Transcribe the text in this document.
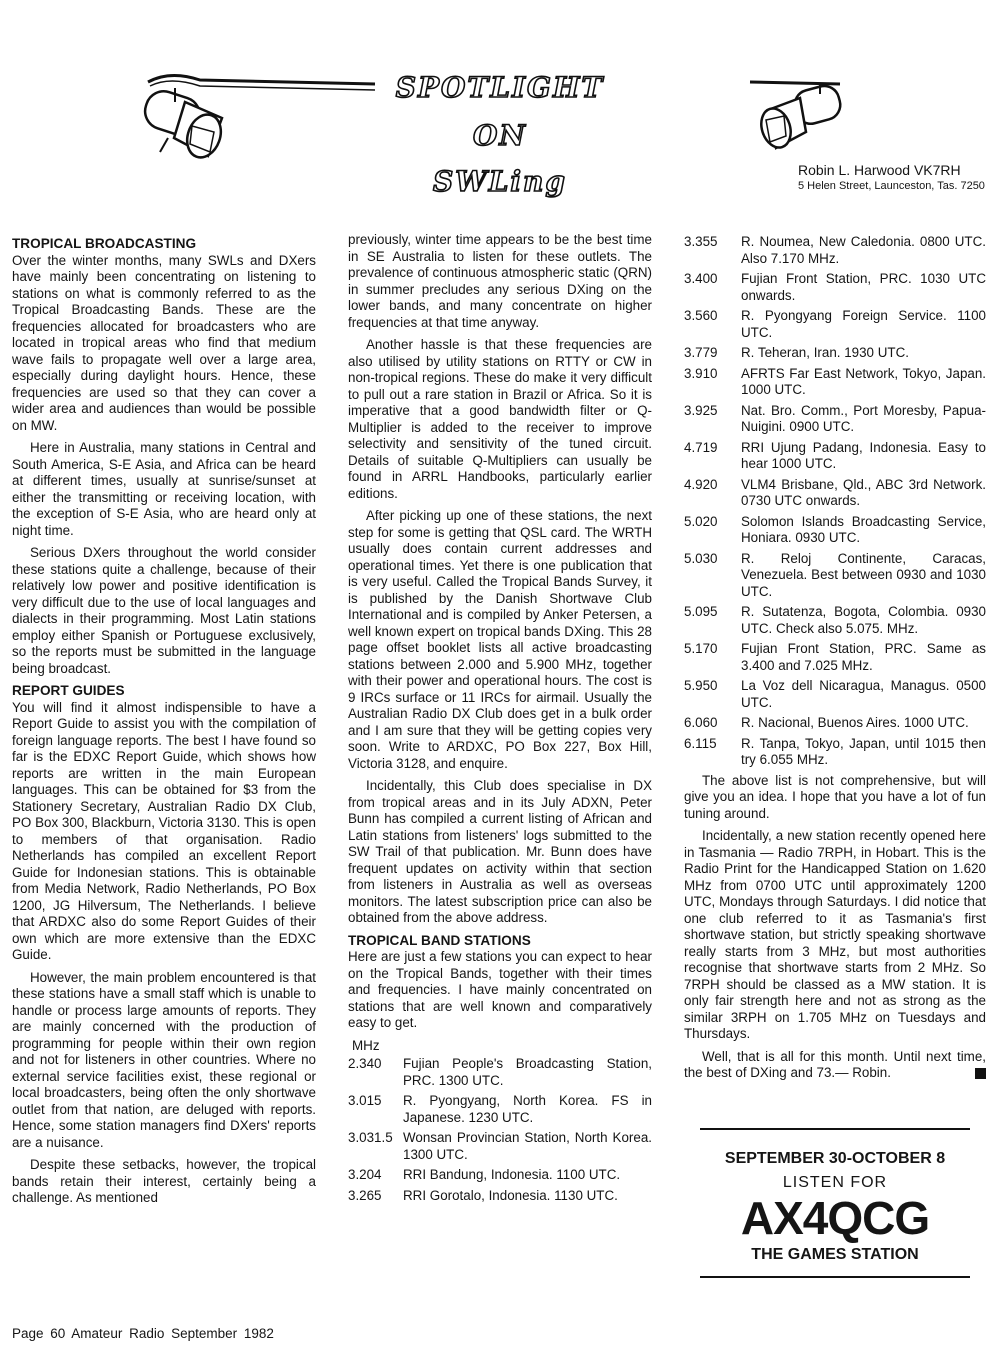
SPOTLIGHT
ON
SWLing	Robin L. Harwood VK7RH
5 Helen Street, Launceston, Tas. 7250
TROPICAL BROADCASTING

Over the winter months, many SWLs and DXers have mainly been concentrating on listening to stations on what is commonly referred to as the Tropical Broadcasting Bands. These are the frequencies allocated for broadcasters who are located in tropical areas who find that medium wave fails to propagate well over a large area, especially during daylight hours. Hence, these frequencies are used so that they can cover a wider area and audiences than would be possible on MW.

Here in Australia, many stations in Central and South America, S-E Asia, and Africa can be heard at different times, usually at sunrise/sunset at either the transmitting or receiving location, with the exception of S-E Asia, who are heard only at night time.

Serious DXers throughout the world consider these stations quite a challenge, because of their relatively low power and positive identification is very difficult due to the use of local languages and dialects in their programming. Most Latin stations employ either Spanish or Portuguese exclusively, so the reports must be submitted in the language being broadcast.

REPORT GUIDES

You will find it almost indispensible to have a Report Guide to assist you with the compilation of foreign language reports. The best I have found so far is the EDXC Report Guide, which shows how reports are written in the main European languages. This can be obtained for $3 from the Stationery Secretary, Australian Radio DX Club, PO Box 300, Blackburn, Victoria 3130. This is open to members of that organisation. Radio Netherlands has compiled an excellent Report Guide for Indonesian stations. This is obtainable from Media Network, Radio Netherlands, PO Box 1200, JG Hilversum, The Netherlands. I believe that ARDXC also do some Report Guides of their own which are more extensive than the EDXC Guide.

However, the main problem encountered is that these stations have a small staff which is unable to handle or process large amounts of reports. They are mainly concerned with the production of programming for people within their own region and not for listeners in other countries. Where no external service facilities exist, these regional or local broadcasters, being often the only shortwave outlet from that nation, are deluged with reports. Hence, some station managers find DXers' reports are a nuisance.

Despite these setbacks, however, the tropical bands retain their interest, certainly being a challenge. As mentioned

previously, winter time appears to be the best time in SE Australia to listen for these outlets. The prevalence of continuous atmospheric static (QRN) in summer precludes any serious DXing on the lower bands, and many concentrate on higher frequencies at that time anyway.

Another hassle is that these frequencies are also utilised by utility stations on RTTY or CW in non-tropical regions. These do make it very difficult to pull out a rare station in Brazil or Africa. So it is imperative that a good bandwidth filter or Q-Multiplier is added to the receiver to improve selectivity and sensitivity of the tuned circuit. Details of suitable Q-Multipliers can usually be found in ARRL Handbooks, particularly earlier editions.

After picking up one of these stations, the next step for some is getting that QSL card. The WRTH usually does contain current addresses and operational times. Yet there is one publication that is very useful. Called the Tropical Bands Survey, it is published by the Danish Shortwave Club International and is compiled by Anker Petersen, a well known expert on tropical bands DXing. This 28 page offset booklet lists all active broadcasting stations between 2.000 and 5.900 MHz, together with their power and operational hours. The cost is 9 IRCs surface or 11 IRCs for airmail. Usually the Australian Radio DX Club does get in a bulk order and I am sure that they will be getting copies very soon. Write to ARDXC, PO Box 227, Box Hill, Victoria 3128, and enquire.

Incidentally, this Club does specialise in DX from tropical areas and in its July ADXN, Peter Bunn has compiled a current listing of African and Latin stations from listeners' logs submitted to the SW Trail of that publication. Mr. Bunn does have frequent updates on activity within that section from listeners in Australia as well as overseas monitors. The latest subscription price can also be obtained from the above address.

TROPICAL BAND STATIONS

Here are just a few stations you can expect to hear on the Tropical Bands, together with their times and frequencies. I have mainly concentrated on stations that are well known and comparatively easy to get.

MHz
2.340	Fujian People's Broadcasting Station, PRC. 1300 UTC.
3.015	R. Pyongyang, North Korea. FS in Japanese. 1230 UTC.
3.031.5 Wonsan Provincian Station, North Korea. 1300 UTC.
3.204	RRI Bandung, Indonesia. 1100 UTC.
3.265	RRI Gorotalo, Indonesia. 1130 UTC.
3.355	R. Noumea, New Caledonia. 0800 UTC. Also 7.170 MHz.
3.400	Fujian Front Station, PRC. 1030 UTC onwards.
3.560	R. Pyongyang Foreign Service. 1100 UTC.
3.779	R. Teheran, Iran. 1930 UTC.
3.910	AFRTS Far East Network, Tokyo, Japan. 1000 UTC.
3.925	Nat. Bro. Comm., Port Moresby, Papua-Nuigini. 0900 UTC.
4.719	RRI Ujung Padang, Indonesia. Easy to hear 1000 UTC.
4.920	VLM4 Brisbane, Qld., ABC 3rd Network. 0730 UTC onwards.
5.020	Solomon Islands Broadcasting Service, Honiara. 0930 UTC.
5.030	R. Reloj Continente, Caracas, Venezuela. Best between 0930 and 1030 UTC.
5.095	R. Sutatenza, Bogota, Colombia. 0930 UTC. Check also 5.075. MHz.
5.170	Fujian Front Station, PRC. Same as 3.400 and 7.025 MHz.
5.950	La Voz dell Nicaragua, Managus. 0500 UTC.
6.060	R. Nacional, Buenos Aires. 1000 UTC.
6.115	R. Tanpa, Tokyo, Japan, until 1015 then try 6.055 MHz.

The above list is not comprehensive, but will give you an idea. I hope that you have a lot of fun tuning around.

Incidentally, a new station recently opened here in Tasmania — Radio 7RPH, in Hobart. This is the Radio Print for the Handicapped Station on 1.620 MHz from 0700 UTC until approximately 1200 UTC, Mondays through Saturdays. I did notice that one club referred to it as Tasmania's first shortwave station, but strictly speaking shortwave really starts from 3 MHz, but most authorities recognise that shortwave starts from 2 MHz. So 7RPH should be classed as a MW station. It is only fair strength here and not as strong as the similar 3RPH on 1.705 MHz on Tuesdays and Thursdays.

Well, that is all for this month. Until next time, the best of DXing and 73.— Robin.

SEPTEMBER 30-OCTOBER 8
LISTEN FOR
AX4QCG
THE GAMES STATION
Page 60 Amateur Radio September 1982
